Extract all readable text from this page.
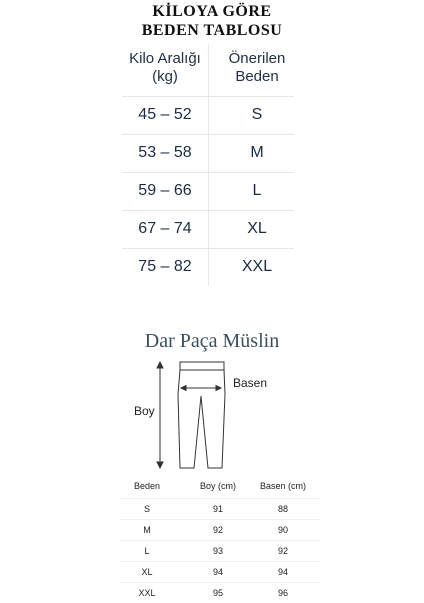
KİLOYA GÖRE
BEDEN TABLOSU
Kilo Aralığı
(kg)
Önerilen
Beden
45 – 52	S
53 – 58	M
59 – 66	L
67 – 74	XL
75 – 82	XXL
Dar Paça Müslin
Boy
Basen
Beden	Boy (cm)	Basen (cm)
S	91	88
M	92	90
L	93	92
XL	94	94
XXL	95	96
